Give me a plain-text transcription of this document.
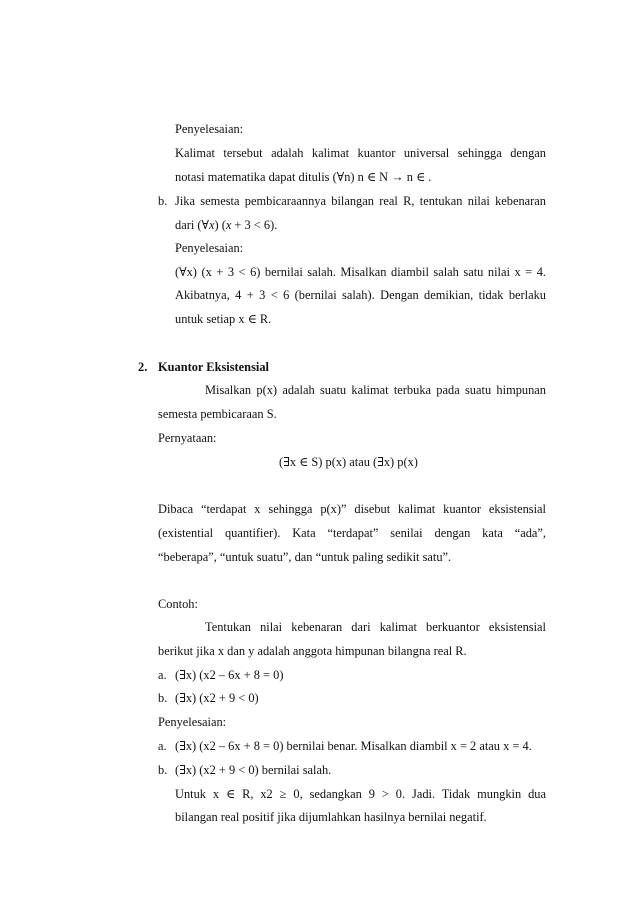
Penyelesaian:
Kalimat tersebut adalah kalimat kuantor universal sehingga dengan
notasi matematika dapat ditulis (∀n) n ∈ N → n ∈ .
b. Jika semesta pembicaraannya bilangan real R, tentukan nilai kebenaran
dari (∀x) (x + 3 < 6).
Penyelesaian:
(∀x) (x + 3 < 6) bernilai salah. Misalkan diambil salah satu nilai x = 4.
Akibatnya, 4 + 3 < 6 (bernilai salah). Dengan demikian, tidak berlaku
untuk setiap x ∈ R.
2. Kuantor Eksistensial
Misalkan p(x) adalah suatu kalimat terbuka pada suatu himpunan
semesta pembicaraan S.
Pernyataan:
(∃x ∈ S) p(x) atau (∃x) p(x)
Dibaca “terdapat x sehingga p(x)” disebut kalimat kuantor eksistensial
(existential quantifier). Kata “terdapat” senilai dengan kata “ada”,
“beberapa”, “untuk suatu”, dan “untuk paling sedikit satu”.
Contoh:
Tentukan nilai kebenaran dari kalimat berkuantor eksistensial
berikut jika x dan y adalah anggota himpunan bilangna real R.
a. (∃x) (x2 – 6x + 8 = 0)
b. (∃x) (x2 + 9 < 0)
Penyelesaian:
a. (∃x) (x2 – 6x + 8 = 0) bernilai benar. Misalkan diambil x = 2 atau x = 4.
b. (∃x) (x2 + 9 < 0) bernilai salah.
Untuk x ∈ R, x2 ≥ 0, sedangkan 9 > 0. Jadi. Tidak mungkin dua
bilangan real positif jika dijumlahkan hasilnya bernilai negatif.
